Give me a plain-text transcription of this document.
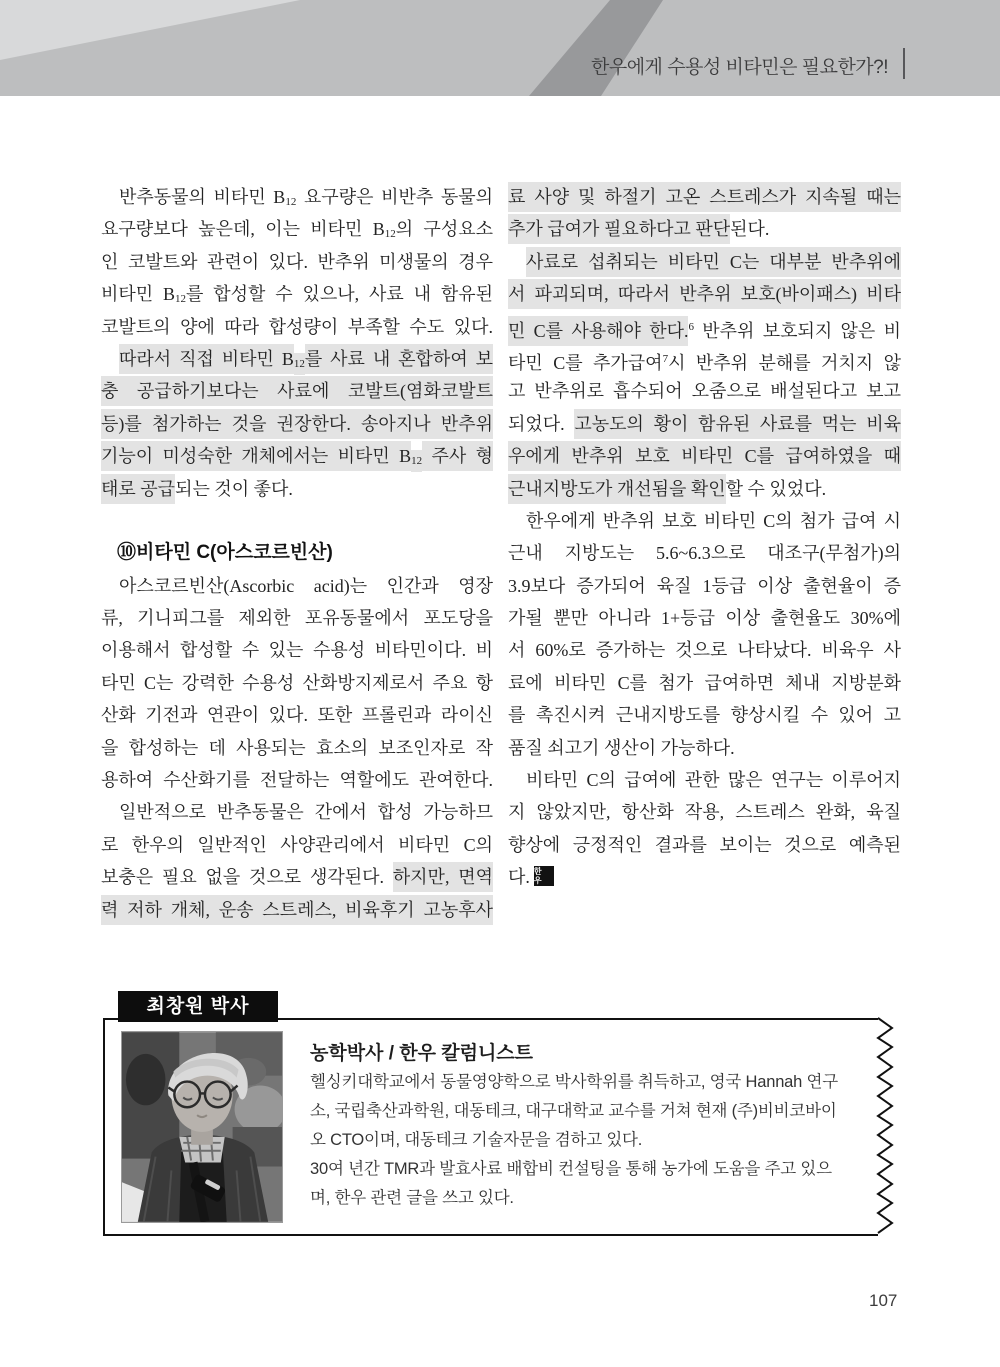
한우에게 수용성 비타민은 필요한가?!
반추동물의 비타민 B12 요구량은 비반추 동물의
요구량보다 높은데, 이는 비타민 B12의 구성요소
인 코발트와 관련이 있다. 반추위 미생물의 경우
비타민 B12를 합성할 수 있으나, 사료 내 함유된
코발트의 양에 따라 합성량이 부족할 수도 있다.
따라서 직접 비타민 B12를 사료 내 혼합하여 보
충 공급하기보다는 사료에 코발트(염화코발트
등)를 첨가하는 것을 권장한다. 송아지나 반추위
기능이 미성숙한 개체에서는 비타민 B12 주사 형
태로 공급되는 것이 좋다.
⑩비타민 C(아스코르빈산)
아스코르빈산(Ascorbic acid)는 인간과 영장
류, 기니피그를 제외한 포유동물에서 포도당을
이용해서 합성할 수 있는 수용성 비타민이다. 비
타민 C는 강력한 수용성 산화방지제로서 주요 항
산화 기전과 연관이 있다. 또한 프롤린과 라이신
을 합성하는 데 사용되는 효소의 보조인자로 작
용하여 수산화기를 전달하는 역할에도 관여한다.
일반적으로 반추동물은 간에서 합성 가능하므
로 한우의 일반적인 사양관리에서 비타민 C의
보충은 필요 없을 것으로 생각된다. 하지만, 면역
력 저하 개체, 운송 스트레스, 비육후기 고농후사
료 사양 및 하절기 고온 스트레스가 지속될 때는
추가 급여가 필요하다고 판단된다.
사료로 섭취되는 비타민 C는 대부분 반추위에
서 파괴되며, 따라서 반추위 보호(바이패스) 비타
민 C를 사용해야 한다.$^6$ 반추위 보호되지 않은 비
타민 C를 추가급여$^7$시 반추위 분해를 거치지 않
고 반추위로 흡수되어 오줌으로 배설된다고 보고
되었다. 고농도의 황이 함유된 사료를 먹는 비육
우에게 반추위 보호 비타민 C를 급여하였을 때
근내지방도가 개선됨을 확인할 수 있었다.
한우에게 반추위 보호 비타민 C의 첨가 급여 시
근내 지방도는 5.6~6.3으로 대조구(무첨가)의
3.9보다 증가되어 육질 1등급 이상 출현율이 증
가될 뿐만 아니라 1+등급 이상 출현율도 30%에
서 60%로 증가하는 것으로 나타났다. 비육우 사
료에 비타민 C를 첨가 급여하면 체내 지방분화
를 촉진시켜 근내지방도를 향상시킬 수 있어 고
품질 쇠고기 생산이 가능하다.
비타민 C의 급여에 관한 많은 연구는 이루어지
지 않았지만, 항산화 작용, 스트레스 완화, 육질
향상에 긍정적인 결과를 보이는 것으로 예측된
다. 한
우
최창원 박사
농학박사 / 한우 칼럼니스트
헬싱키대학교에서 동물영양학으로 박사학위를 취득하고, 영국 Hannah 연구
소, 국립축산과학원, 대동테크, 대구대학교 교수를 거쳐 현재 (주)비비코바이
오 CTO이며, 대동테크 기술자문을 겸하고 있다.
30여 년간 TMR과 발효사료 배합비 컨설팅을 통해 농가에 도움을 주고 있으
며, 한우 관련 글을 쓰고 있다.
107
